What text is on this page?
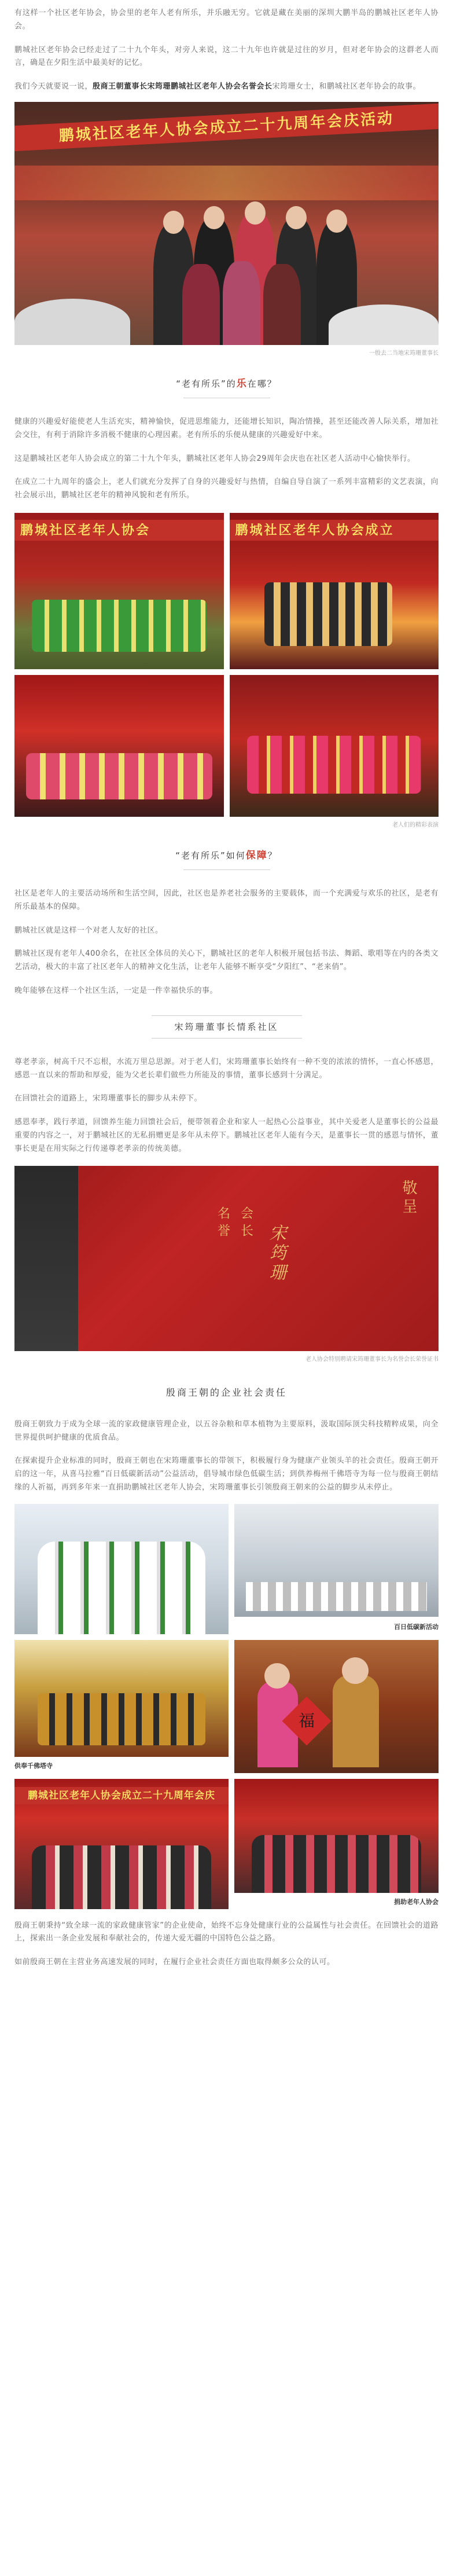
有这样一个社区老年协会，协会里的老年人老有所乐，并乐融无穷。它就是藏在美丽的深圳大鹏半岛的鹏城社区老年人协会。

鹏城社区老年协会已经走过了二十九个年头，对旁人来说，这二十九年也许就是过往的岁月，但对老年协会的这群老人而言，确是在夕阳生活中最美好的记忆。

我们今天就要说一说，殷商王朝董事长宋筠珊鹏城社区老年人协会名誉会长宋筠珊女士，和鹏城社区老年协会的故事。

鹏城社区老年人协会成立二十九周年会庆活动

一殷去二当地宋筠珊董事长

“老有所乐”的乐在哪？

健康的兴趣爱好能使老人生活充实，精神愉快，促进思维能力，还能增长知识，陶冶情操，甚至还能改善人际关系，增加社会交往，有利于消除许多消极不健康的心理因素。老有所乐的乐便从健康的兴趣爱好中来。

这是鹏城社区老年人协会成立的第二十九个年头，鹏城社区老年人协会29周年会庆也在社区老人活动中心愉快举行。

在成立二十九周年的盛会上，老人们就充分发挥了自身的兴趣爱好与热情，自编自导自演了一系列丰富精彩的文艺表演，向社会展示出，鹏城社区老年的精神风貌和老有所乐。

鹏城社区老年人协会	鹏城社区老年人协会成立

老人们的精彩表演

“老有所乐”如何保障？

社区是老年人的主要活动场所和生活空间，因此，社区也是养老社会服务的主要载体，而一个充满爱与欢乐的社区，是老有所乐最基本的保障。

鹏城社区就是这样一个对老人友好的社区。

鹏城社区现有老年人400余名，在社区全体员的关心下，鹏城社区的老年人积极开展包括书法、舞蹈、歌唱等在内的各类文艺活动，极大的丰富了社区老年人的精神文化生活，让老年人能够不断享受“夕阳红”、“老来俏”。

晚年能够在这样一个社区生活，一定是一件幸福快乐的事。

宋筠珊董事长情系社区

尊老孝亲，树高千尺不忘根，水流万里总思源。对于老人们，宋筠珊董事长始终有一种不变的浓浓的情怀，一直心怀感恩，感恩一直以来的帮助和厚爱，能为父老长辈们做些力所能及的事情，董事长感到十分满足。

在回馈社会的道路上，宋筠珊董事长的脚步从未停下。

感恩奉孝，践行孝道，回馈养生能力回馈社会后，便带领着企业和家人一起热心公益事业，其中关爱老人是董事长的公益最重要的内容之一，对于鹏城社区的无私捐赠更是多年从未停下。鹏城社区老年人能有今天，是董事长一贯的感恩与情怀，董事长更是在用实际之行传递尊老孝亲的传统美德。

敬呈
名誉 会长 宋筠珊

老人协会特别聘请宋筠珊董事长为名誉会长荣誉证书

殷商王朝的企业社会责任

殷商王朝致力于成为全球一流的家政健康管理企业，以五谷杂粮和草本植物为主要原料，汲取国际顶尖科技精粹成果，向全世界提供呵护健康的优质食品。

在探索提升企业标准的同时，殷商王朝也在宋筠珊董事长的带领下，积极履行身为健康产业领头羊的社会责任。殷商王朝开启的这一年，从喜马拉雅“百日低碳新活动”公益活动，倡导城市绿色低碳生活；到供养梅州千佛塔寺为每一位与殷商王朝结缘的人祈福，再到多年来一直捐助鹏城社区老年人协会，宋筠珊董事长引领殷商王朝来的公益的脚步从未停止。

百日低碳新活动
供奉千佛塔寺
福
鹏城社区老年人协会成立二十九周年会庆
捐助老年人协会

殷商王朝秉持“致全球一流的家政健康管家”的企业使命，始终不忘身处健康行业的公益属性与社会责任。在回馈社会的道路上，探索出一条企业发展和奉献社会的，传递大爱无疆的中国特色公益之路。

如前殷商王朝在主营业务高速发展的同时，在履行企业社会责任方面也取得颇多公众的认可。
